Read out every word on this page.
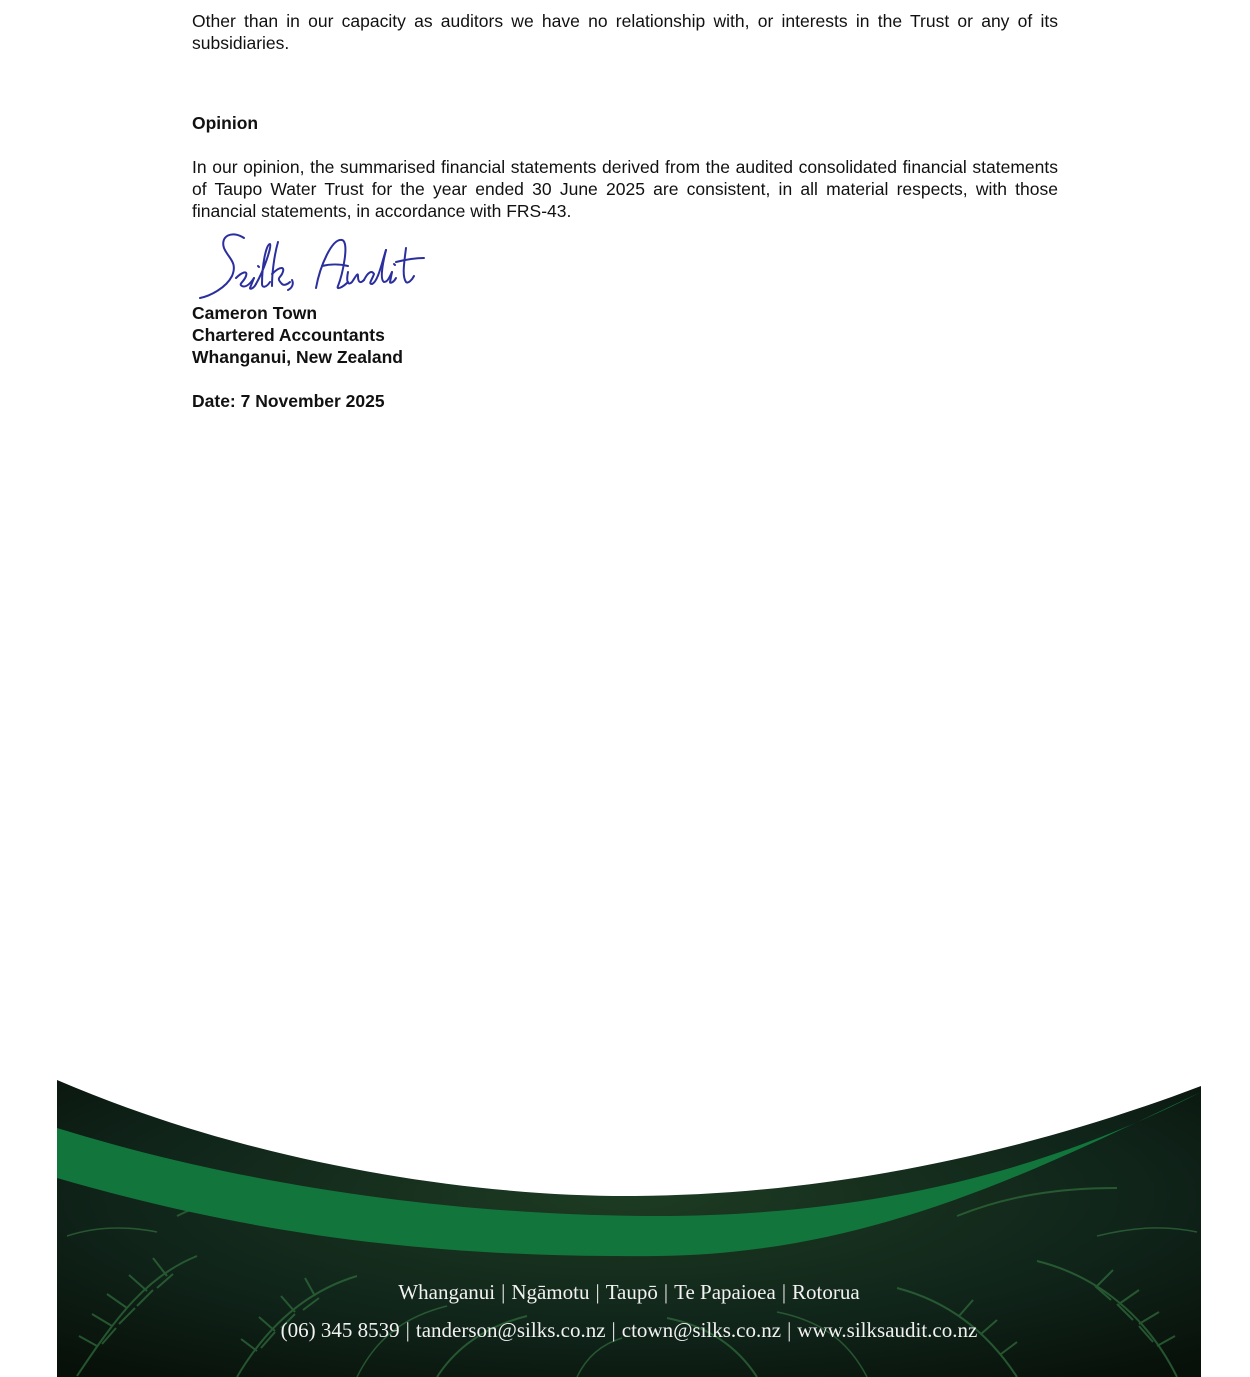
Other than in our capacity as auditors we have no relationship with, or interests in the Trust or any of its subsidiaries.

Opinion

In our opinion, the summarised financial statements derived from the audited consolidated financial statements of Taupo Water Trust for the year ended 30 June 2025 are consistent, in all material respects, with those financial statements, in accordance with FRS-43.

Cameron Town

Chartered Accountants

Whanganui, New Zealand

Date: 7 November 2025

Whanganui | Ngāmotu | Taupō | Te Papaioea | Rotorua
(06) 345 8539 | tanderson@silks.co.nz | ctown@silks.co.nz | www.silksaudit.co.nz
